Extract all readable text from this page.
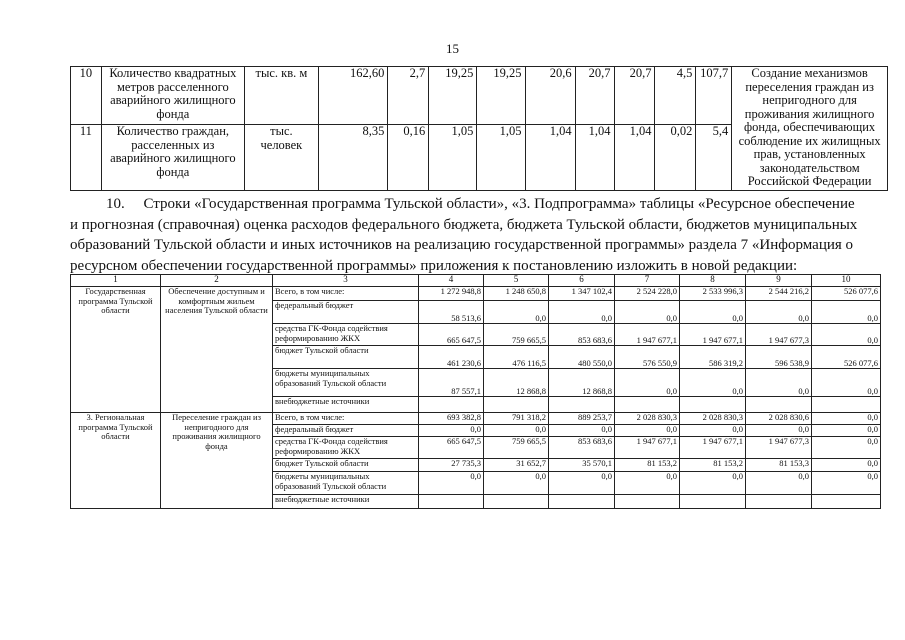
15
10	Количество квадратных метров расселенного аварийного жилищного фонда	тыс. кв. м	162,60	2,7	19,25	19,25	20,6	20,7	20,7	4,5	107,7	Создание механизмов переселения граждан из непригодного для проживания жилищного фонда, обеспечивающих соблюдение их жилищных прав, установленных законодательством Российской Федерации
11	Количество граждан, расселенных из аварийного жилищного фонда	тыс. человек	8,35	0,16	1,05	1,05	1,04	1,04	1,04	0,02	5,4	
10. Строки «Государственная программа Тульской области», «3. Подпрограмма» таблицы «Ресурсное обеспечение
и прогнозная (справочная) оценка расходов федерального бюджета, бюджета Тульской области, бюджетов муниципальных
образований Тульской области и иных источников на реализацию государственной программы» раздела 7 «Информация о
ресурсном обеспечении государственной программы» приложения к постановлению изложить в новой редакции:
1	2	3	4	5	6	7	8	9	10
Государственная программа Тульской области	Обеспечение доступным и комфортным жильем населения Тульской области	Всего, в том числе:	1 272 948,8	1 248 650,8	1 347 102,4	2 524 228,0	2 533 996,3	2 544 216,2	526 077,6
		федеральный бюджет	58 513,6	0,0	0,0	0,0	0,0	0,0	0,0
		средства ГК-Фонда содействия реформированию ЖКХ	665 647,5	759 665,5	853 683,6	1 947 677,1	1 947 677,1	1 947 677,3	0,0
		бюджет Тульской области	461 230,6	476 116,5	480 550,0	576 550,9	586 319,2	596 538,9	526 077,6
		бюджеты муниципальных образований Тульской области	87 557,1	12 868,8	12 868,8	0,0	0,0	0,0	0,0
		внебюджетные источники							
3. Региональная программа Тульской области	Переселение граждан из непригодного для проживания жилищного фонда	Всего, в том числе:	693 382,8	791 318,2	889 253,7	2 028 830,3	2 028 830,3	2 028 830,6	0,0
		федеральный бюджет	0,0	0,0	0,0	0,0	0,0	0,0	0,0
		средства ГК-Фонда содействия реформированию ЖКХ	665 647,5	759 665,5	853 683,6	1 947 677,1	1 947 677,1	1 947 677,3	0,0
		бюджет Тульской области	27 735,3	31 652,7	35 570,1	81 153,2	81 153,2	81 153,3	0,0
		бюджеты муниципальных образований Тульской области	0,0	0,0	0,0	0,0	0,0	0,0	0,0
		внебюджетные источники							
